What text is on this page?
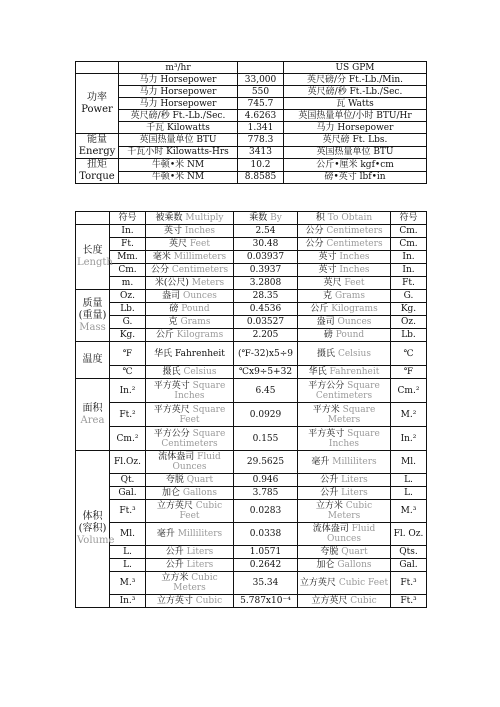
	m³/hr		US GPM
功率
Power	马力 Horsepower	33,000	英尺磅/分 Ft.-Lb./Min.
	马力 Horsepower	550	英尺磅/秒 Ft.-Lb./Sec.
	马力 Horsepower	745.7	瓦 Watts
	英尺磅/秒 Ft.-Lb./Sec.	4.6263	英国热量单位/小时 BTU/Hr
	千瓦 Kilowatts	1.341	马力 Horsepower
能量
Energy	英国热量单位 BTU	778.3	英尺磅 Ft. Lbs.
	千瓦小时 Kilowatts-Hrs	3413	英国热量单位 BTU
扭矩
Torque	牛顿•米 NM	10.2	公斤•厘米 kgf•cm
	牛顿•米 NM	8.8585	磅•英寸 lbf•in
	符号	被乘数 Multiply	乘数 By	积 To Obtain	符号
长度
Length	In.	英寸 Inches	2.54	公分 Centimeters	Cm.
	Ft.	英尺 Feet	30.48	公分 Centimeters	Cm.
	Mm.	毫米 Millimeters	0.03937	英寸 Inches	In.
	Cm.	公分 Centimeters	0.3937	英寸 Inches	In.
	m.	米(公尺) Meters	3.2808	英尺 Feet	Ft.
质量
(重量)
Mass	Oz.	盎司 Ounces	28.35	克 Grams	G.
	Lb.	磅 Pound	0.4536	公斤 Kilograms	Kg.
	G.	克 Grams	0.03527	盎司 Ounces	Oz.
	Kg.	公斤 Kilograms	2.205	磅 Pound	Lb.
温度	℉	华氏 Fahrenheit	(℉-32)x5÷9	摄氏 Celsius	℃
	℃	摄氏 Celsius	℃x9÷5+32	华氏 Fahrenheit	℉
面积
Area	In.²	平方英寸 Square Inches	6.45	平方公分 Square Centimeters	Cm.²
	Ft.²	平方英尺 Square Feet	0.0929	平方米 Square Meters	M.²
	Cm.²	平方公分 Square Centimeters	0.155	平方英寸 Square Inches	In.²
体积
(容积)
Volume	Fl.Oz.	流体盎司 Fluid Ounces	29.5625	毫升 Milliliters	Ml.
	Qt.	夸脱 Quart	0.946	公升 Liters	L.
	Gal.	加仑 Gallons	3.785	公升 Liters	L.
	Ft.³	立方英尺 Cubic Feet	0.0283	立方米 Cubic Meters	M.³
	Ml.	毫升 Milliliters	0.0338	流体盎司 Fluid Ounces	Fl. Oz.
	L.	公升 Liters	1.0571	夸脱 Quart	Qts.
	L.	公升 Liters	0.2642	加仑 Gallons	Gal.
	M.³	立方米 Cubic Meters	35.34	立方英尺 Cubic Feet	Ft.³
	In.³	立方英寸 Cubic	5.787x10⁻⁴	立方英尺 Cubic	Ft.³
